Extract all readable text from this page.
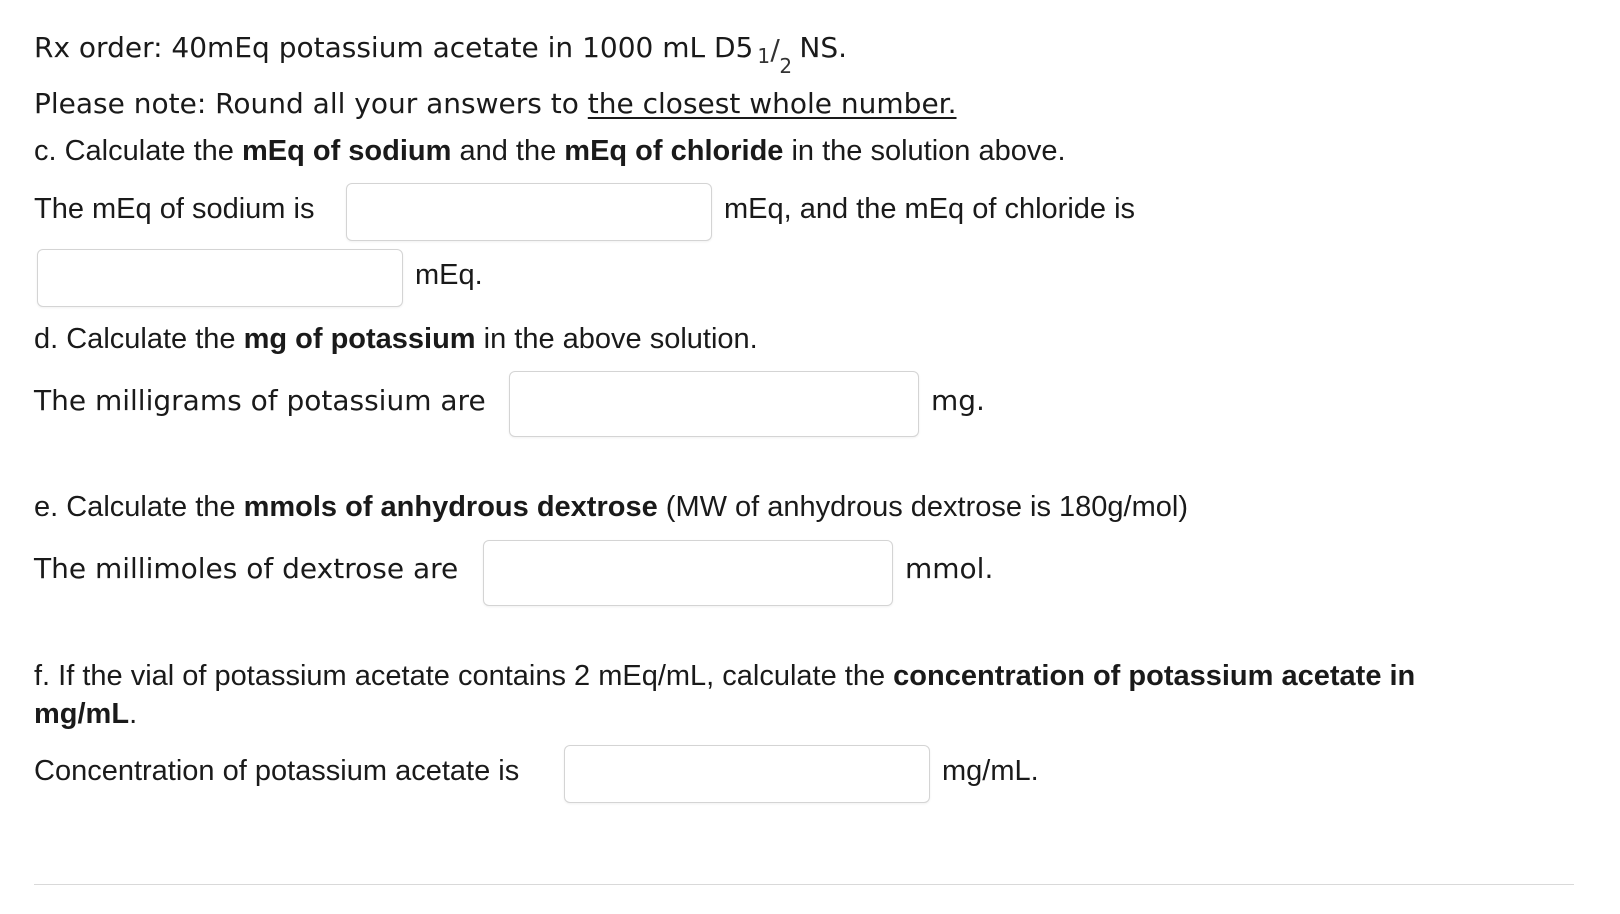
Rx order: 40mEq potassium acetate in 1000 mL D5 1 / 2
NS.
Please note: Round all your answers to the closest whole number.
c. Calculate the mEq of sodium and the mEq of chloride in the solution above.
The mEq of sodium is	mEq, and the mEq of chloride is
mEq.
d. Calculate the mg of potassium in the above solution.
The milligrams of potassium are	mg.
e. Calculate the mmols of anhydrous dextrose (MW of anhydrous dextrose is 180g/mol)
The millimoles of dextrose are	mmol.
f. If the vial of potassium acetate contains 2 mEq/mL, calculate the concentration of potassium acetate in
mg/mL.
Concentration of potassium acetate is	mg/mL.
